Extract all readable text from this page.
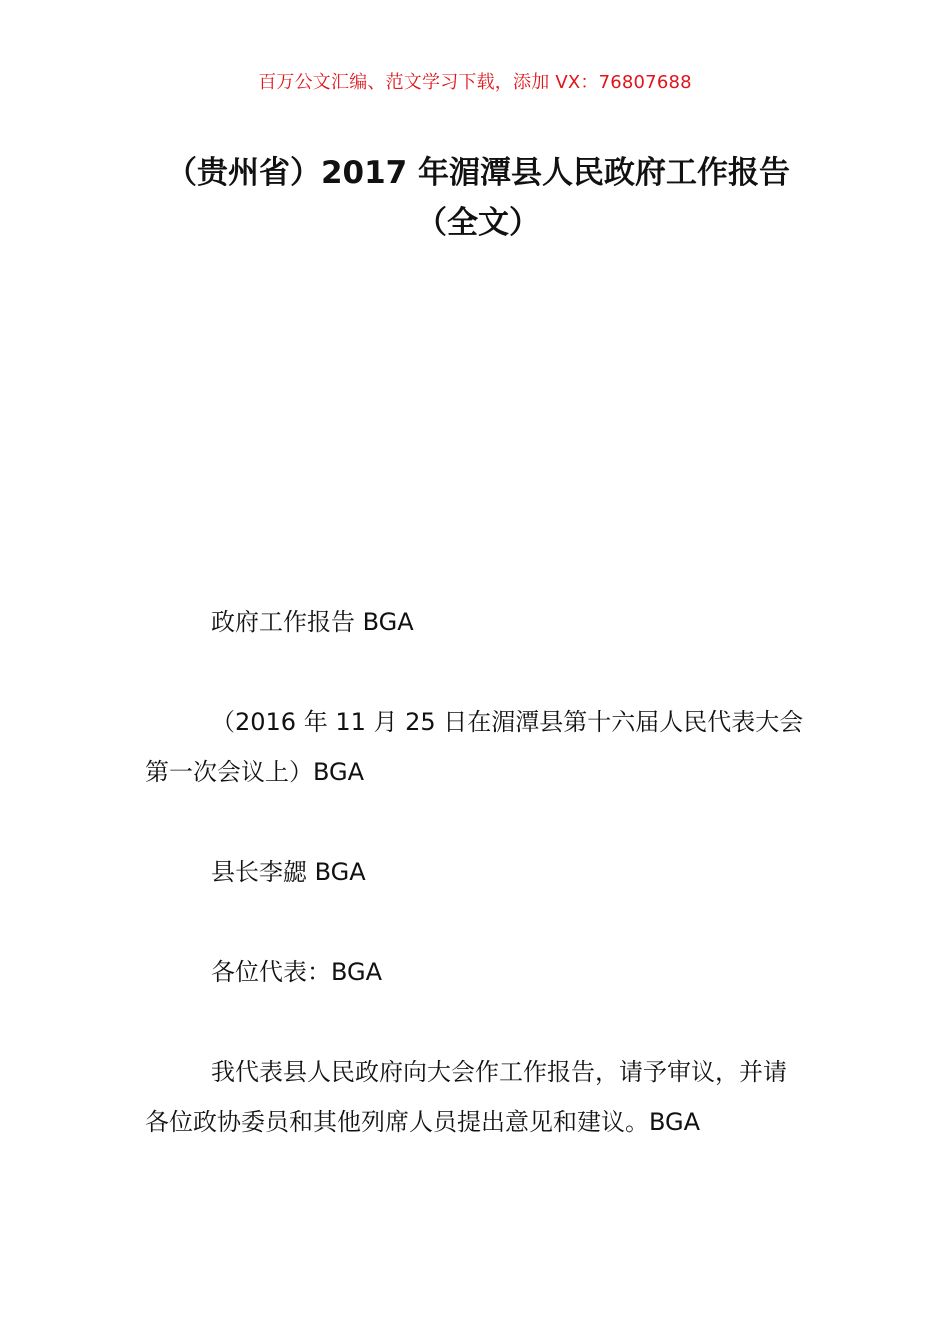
百万公文汇编、范文学习下载，添加 VX：76807688
（贵州省）2017 年湄潭县人民政府工作报告（全文）

政府工作报告 BGA

（2016 年 11 月 25 日在湄潭县第十六届人民代表大会第一次会议上）BGA

县长李勰 BGA

各位代表：BGA

我代表县人民政府向大会作工作报告，请予审议，并请各位政协委员和其他列席人员提出意见和建议。BGA
